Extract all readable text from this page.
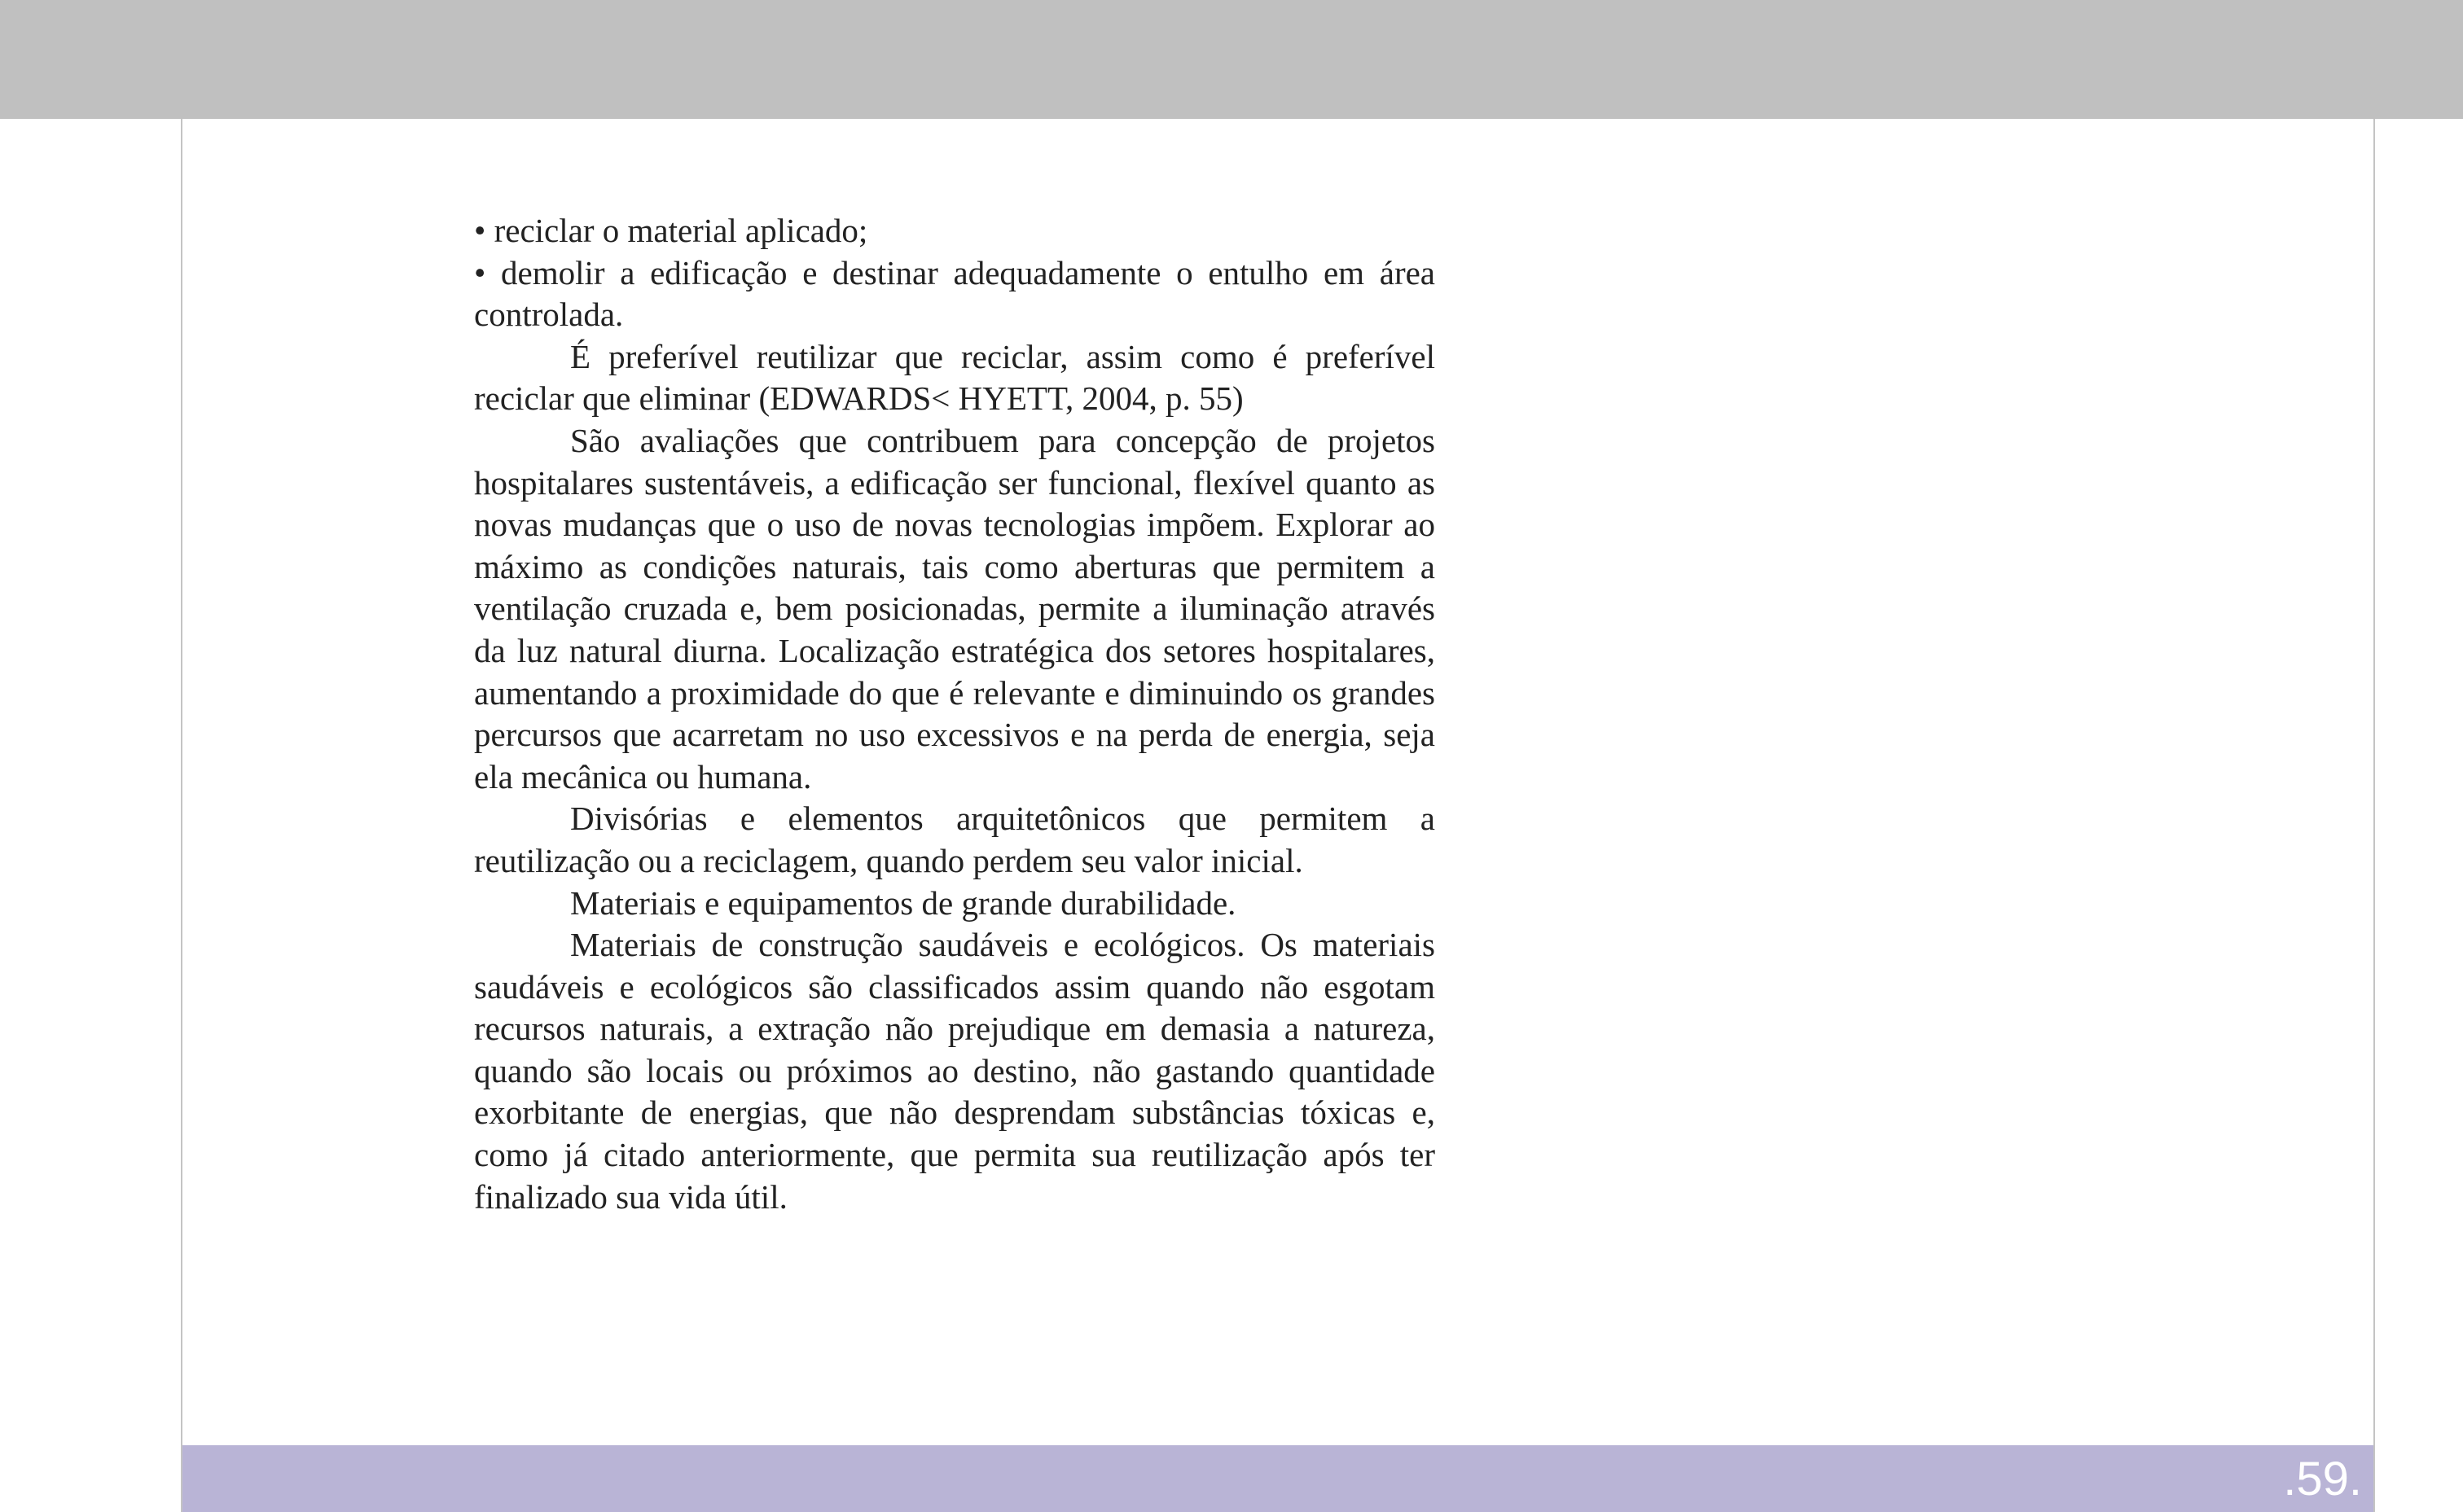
• reciclar o material aplicado;

• demolir a edificação e destinar adequadamente o entulho em área controlada.

É preferível reutilizar que reciclar, assim como é preferível reciclar que eliminar (EDWARDS< HYETT, 2004, p. 55)

São avaliações que contribuem para concepção de projetos hospitalares sustentáveis, a edificação ser funcional, flexível quanto as novas mudanças que o uso de novas tecnologias impõem. Explorar ao máximo as condições naturais, tais como aberturas que permitem a ventilação cruzada e, bem posicionadas, permite a iluminação através da luz natural diurna. Localização estratégica dos setores hospitalares, aumentando a proximidade do que é relevante e diminuindo os grandes percursos que acarretam no uso excessivos e na perda de energia, seja ela mecânica ou humana.

Divisórias e elementos arquitetônicos que permitem a reutilização ou a reciclagem, quando perdem seu valor inicial.

Materiais e equipamentos de grande durabilidade.

Materiais de construção saudáveis e ecológicos. Os materiais saudáveis e ecológicos são classificados assim quando não esgotam recursos naturais, a extração não prejudique em demasia a natureza, quando são locais ou próximos ao destino, não gastando quantidade exorbitante de energias, que não desprendam substâncias tóxicas e, como já citado anteriormente, que permita sua reutilização após ter finalizado sua vida útil.

.59.
